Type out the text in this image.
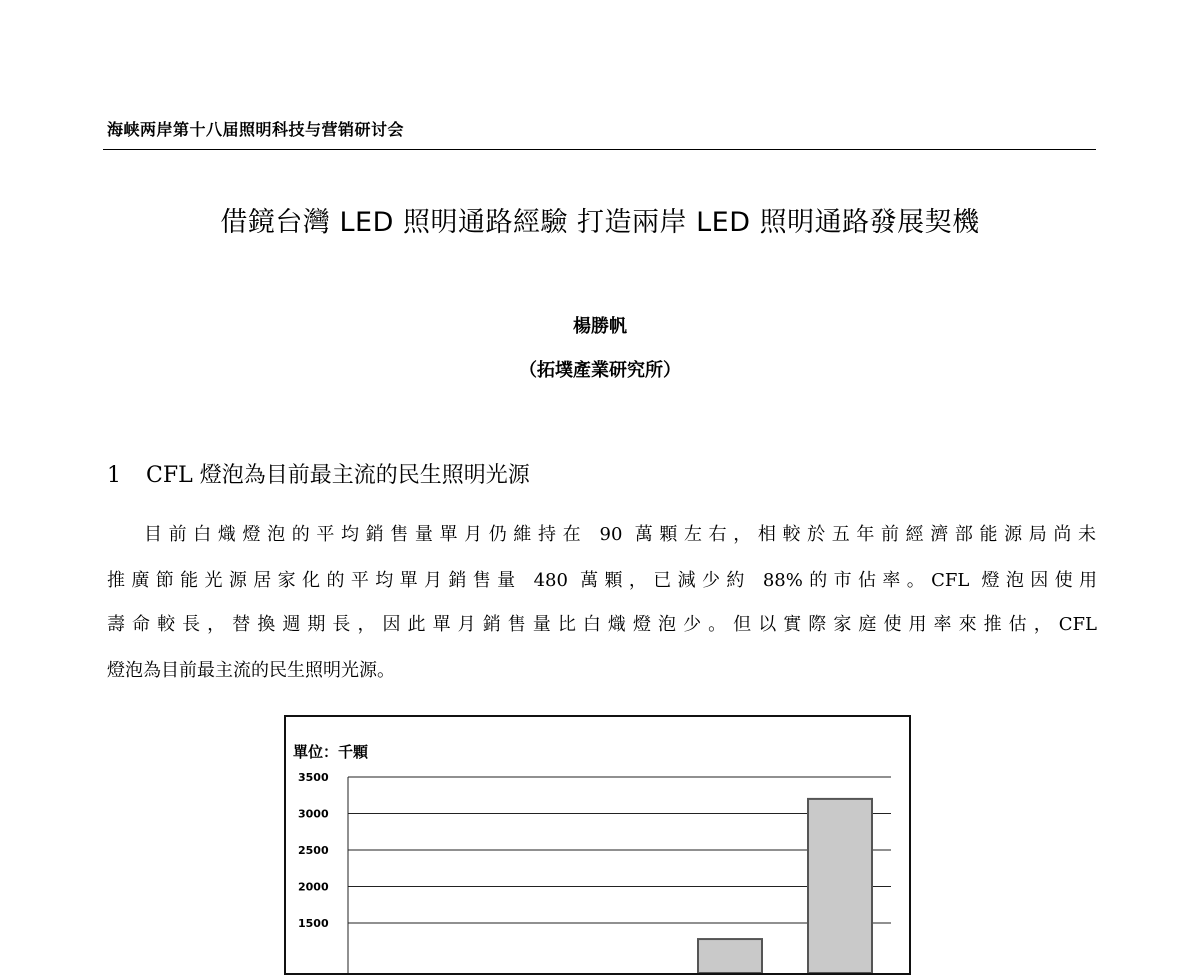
海峡两岸第十八届照明科技与营销研讨会
借鏡台灣 LED 照明通路經驗 打造兩岸 LED 照明通路發展契機
楊勝帆
（拓墣產業研究所）
1 CFL 燈泡為目前最主流的民生照明光源
目前白熾燈泡的平均銷售量單月仍維持在 90 萬顆左右，相較於五年前經濟部能源局尚未
推廣節能光源居家化的平均單月銷售量 480 萬顆，已減少約 88%的市佔率。CFL 燈泡因使用
壽命較長，替換週期長，因此單月銷售量比白熾燈泡少。但以實際家庭使用率來推估，CFL
燈泡為目前最主流的民生照明光源。
單位：千顆
3500
3000
2500
2000
1500
